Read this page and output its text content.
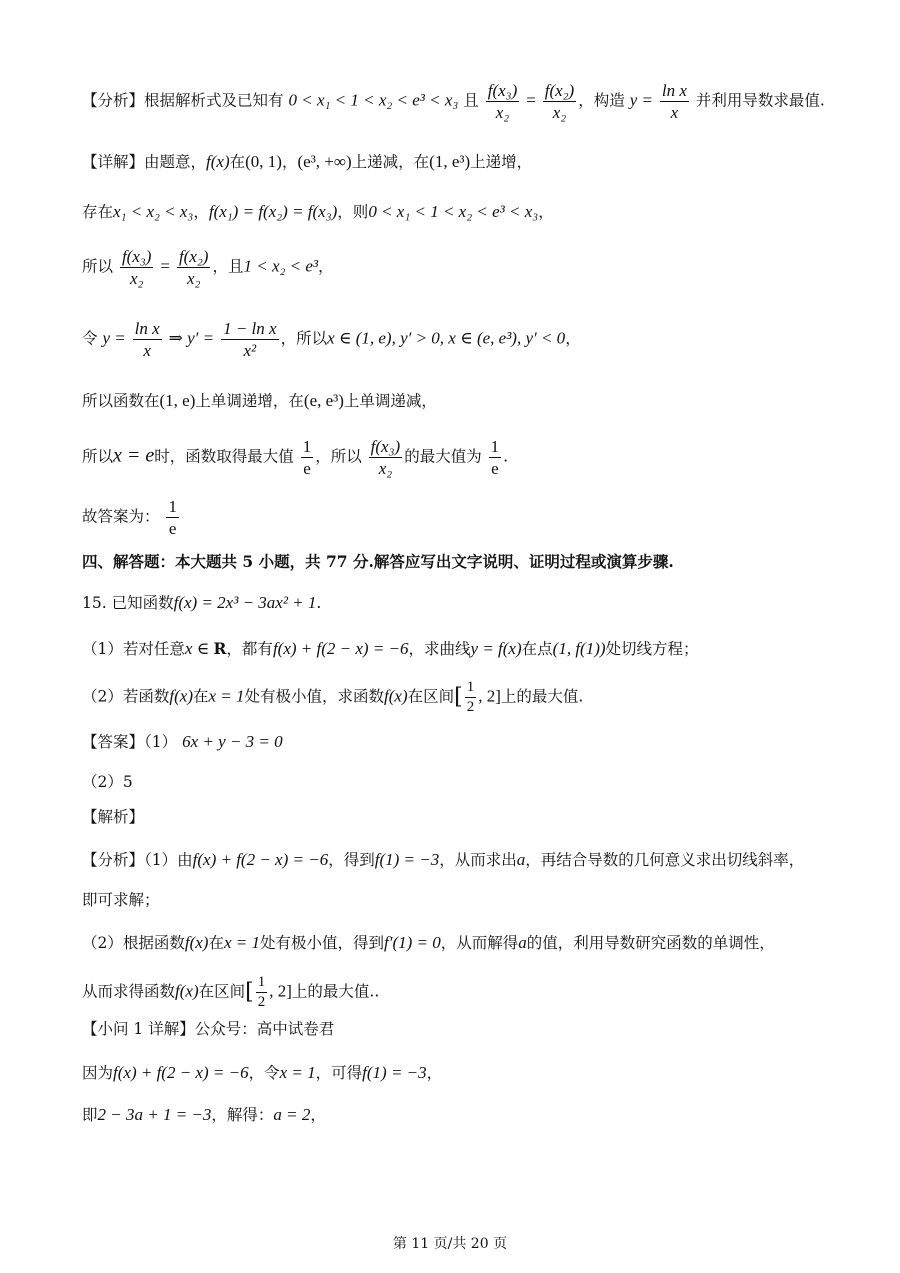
【分析】根据解析式及已知有 0 < x₁ < 1 < x₂ < e³ < x₃ 且 $\frac{\text{f(x₃)}}{\text{x₂}} = \frac{\text{f(x₂)}}{\text{x₂}}$ ，构造 $y = \frac{\text{ln x}}{x}$ 并利用导数求最值.
【详解】由题意，f(x)在(0, 1)，(e³, +∞)上递减，在(1, e³)上递增，
存在x₁ < x₂ < x₃，f(x₁) = f(x₂) = f(x₃)，则0 < x₁ < 1 < x₂ < e³ < x₃，
所以 $\frac{\text{f(x₃)}}{\text{x₂}} = \frac{\text{f(x₂)}}{\text{x₂}}$ ，且1 < x₂ < e³，
令 $y = \frac{\text{ln x}}{x}$ ⇒ $y' = \frac{\text{1 − ln x}}{\text{x²}}$ ，所以x ∈ (1, e), y′ > 0, x ∈ (e, e³), y′ < 0，
所以函数在(1, e)上单调递增，在(e, e³)上单调递减，
所以x = e时，函数取得最大值 $\frac{1}{e}$ ，所以 $\frac{\text{f(x₃)}}{\text{x₂}}$ 的最大值为 $\frac{1}{e}$ .
故答案为： $\frac{1}{e}$
四、解答题：本大题共 5 小题，共 77 分.解答应写出文字说明、证明过程或演算步骤.
15. 已知函数f(x) = 2x³ − 3ax² + 1.
（1）若对任意x ∈ R，都有f(x) + f(2 − x) = −6，求曲线y = f(x)在点(1, f(1))处切线方程；
（2）若函数f(x)在x = 1处有极小值，求函数f(x)在区间[ $\frac{1}{2}$ , 2]上的最大值.
【答案】（1） 6x + y − 3 = 0
（2）5
【解析】
【分析】（1）由f(x) + f(2 − x) = −6，得到f(1) = −3，从而求出a，再结合导数的几何意义求出切线斜率，
即可求解；
（2）根据函数f(x)在x = 1处有极小值，得到f′(1) = 0，从而解得a的值，利用导数研究函数的单调性，
从而求得函数f(x)在区间[ $\frac{1}{2}$ , 2]上的最大值..
【小问 1 详解】公众号：高中试卷君
因为f(x) + f(2 − x) = −6，令x = 1，可得f(1) = −3，
即2 − 3a + 1 = −3，解得：a = 2，
第 11 页/共 20 页
